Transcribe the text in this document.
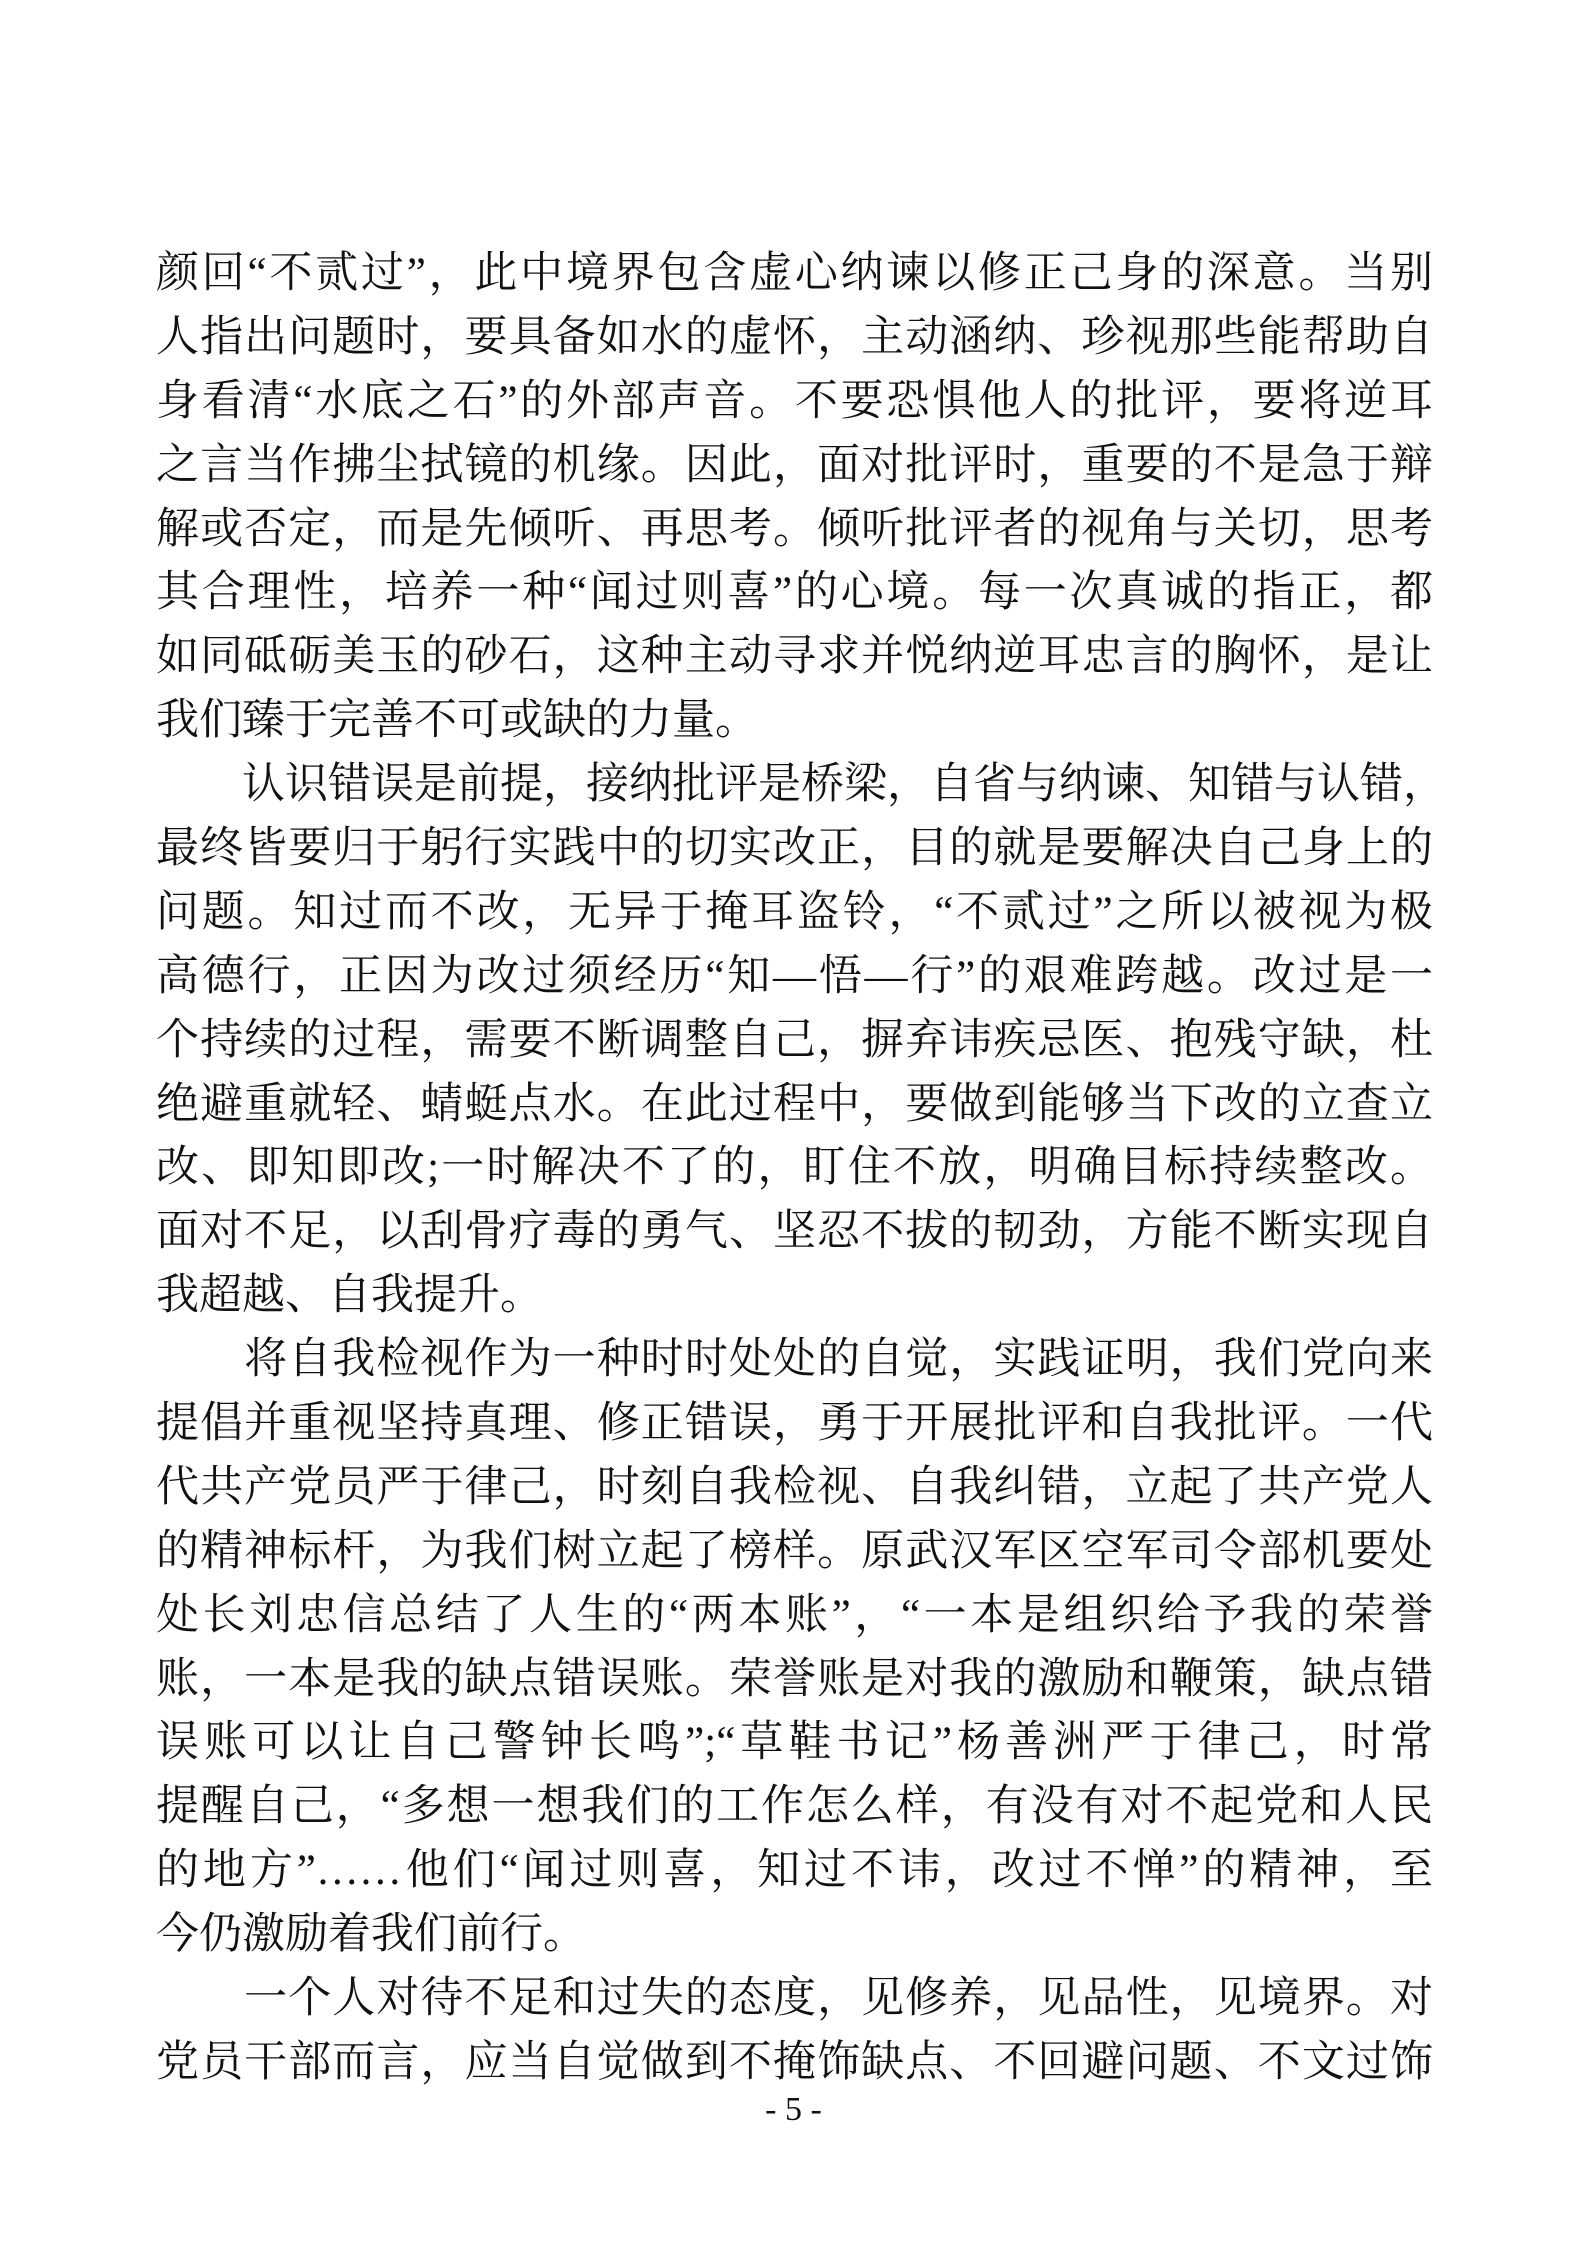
颜回“不贰过”，此中境界包含虚心纳谏以修正己身的深意。当别
人指出问题时，要具备如水的虚怀，主动涵纳、珍视那些能帮助自
身看清“水底之石”的外部声音。不要恐惧他人的批评，要将逆耳
之言当作拂尘拭镜的机缘。因此，面对批评时，重要的不是急于辩
解或否定，而是先倾听、再思考。倾听批评者的视角与关切，思考
其合理性，培养一种“闻过则喜”的心境。每一次真诚的指正，都
如同砥砺美玉的砂石，这种主动寻求并悦纳逆耳忠言的胸怀，是让
我们臻于完善不可或缺的力量。
　　认识错误是前提，接纳批评是桥梁，自省与纳谏、知错与认错，
最终皆要归于躬行实践中的切实改正，目的就是要解决自己身上的
问题。知过而不改，无异于掩耳盗铃，“不贰过”之所以被视为极
高德行，正因为改过须经历“知—悟—行”的艰难跨越。改过是一
个持续的过程，需要不断调整自己，摒弃讳疾忌医、抱残守缺，杜
绝避重就轻、蜻蜓点水。在此过程中，要做到能够当下改的立查立
改、即知即改;一时解决不了的，盯住不放，明确目标持续整改。
面对不足，以刮骨疗毒的勇气、坚忍不拔的韧劲，方能不断实现自
我超越、自我提升。
　　将自我检视作为一种时时处处的自觉，实践证明，我们党向来
提倡并重视坚持真理、修正错误，勇于开展批评和自我批评。一代
代共产党员严于律己，时刻自我检视、自我纠错，立起了共产党人
的精神标杆，为我们树立起了榜样。原武汉军区空军司令部机要处
处长刘忠信总结了人生的“两本账”，“一本是组织给予我的荣誉
账，一本是我的缺点错误账。荣誉账是对我的激励和鞭策，缺点错
误账可以让自己警钟长鸣”;“草鞋书记”杨善洲严于律己，时常
提醒自己，“多想一想我们的工作怎么样，有没有对不起党和人民
的地方”……他们“闻过则喜，知过不讳，改过不惮”的精神，至
今仍激励着我们前行。
　　一个人对待不足和过失的态度，见修养，见品性，见境界。对
党员干部而言，应当自觉做到不掩饰缺点、不回避问题、不文过饰
- 5 -
